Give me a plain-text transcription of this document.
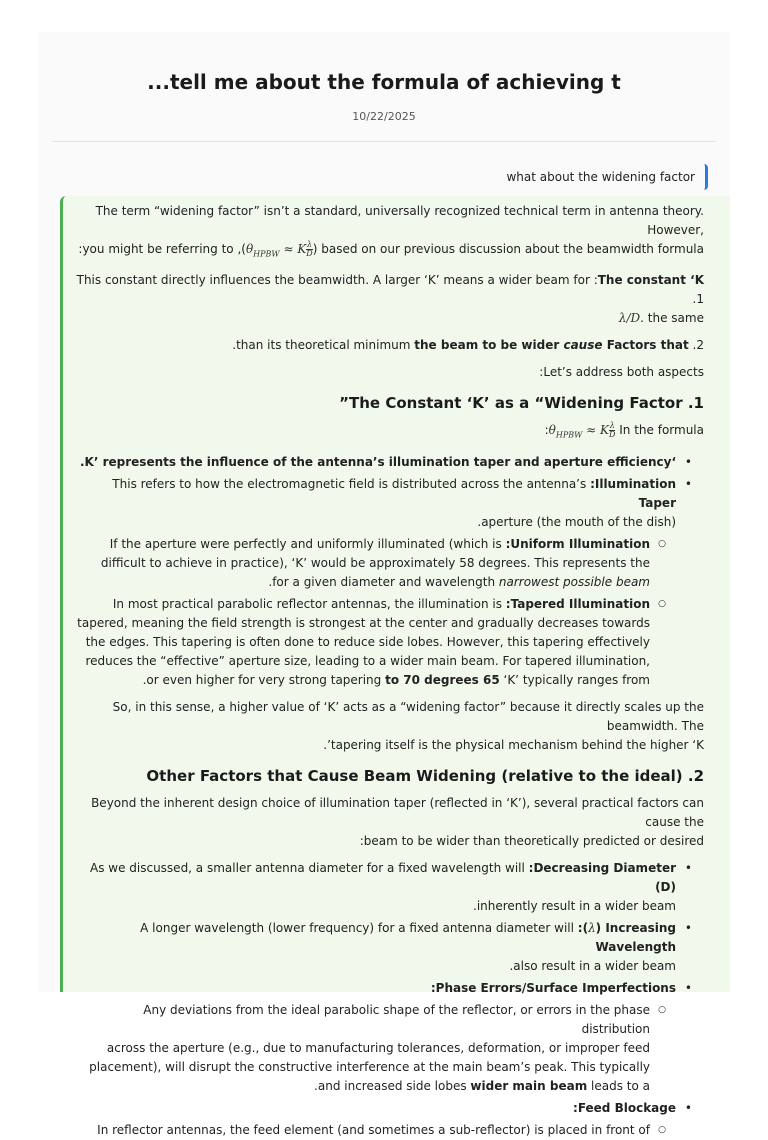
...tell me about the formula of achieving t
10/22/2025
what about the widening factor

The term “widening factor” isn’t a standard, universally recognized technical term in antenna theory. However,
:you might be referring to $,(\theta_{HPBW} \approx K \frac{\lambda}{D}$ ) based on our previous discussion about the beamwidth formula

This constant directly influences the beamwidth. A larger ‘K’ means a wider beam for :The constant ‘K .1
λ/D. the same

.than its theoretical minimum the beam to be wider cause Factors that .2

:Let’s address both aspects

”The Constant ‘K’ as a “Widening Factor .1

$:\theta_{HPBW} \approx K \frac{\lambda}{D}$ In the formula

.K’ represents the influence of the antenna’s illumination taper and aperture efficiency‘ •
This refers to how the electromagnetic field is distributed across the antenna’s :Illumination Taper
.aperture (the mouth of the dish)
•
If the aperture were perfectly and uniformly illuminated (which is :Uniform Illumination
difficult to achieve in practice), ‘K’ would be approximately 58 degrees. This represents the
.for a given diameter and wavelength narrowest possible beam
○
In most practical parabolic reflector antennas, the illumination is :Tapered Illumination
tapered, meaning the field strength is strongest at the center and gradually decreases towards
the edges. This tapering is often done to reduce side lobes. However, this tapering effectively
reduces the “effective” aperture size, leading to a wider main beam. For tapered illumination,
.or even higher for very strong tapering to 70 degrees 65 ‘K’ typically ranges from
○

So, in this sense, a higher value of ‘K’ acts as a “widening factor” because it directly scales up the beamwidth. The
.’tapering itself is the physical mechanism behind the higher ‘K

Other Factors that Cause Beam Widening (relative to the ideal) .2

Beyond the inherent design choice of illumination taper (reflected in ‘K’), several practical factors can cause the
:beam to be wider than theoretically predicted or desired

As we discussed, a smaller antenna diameter for a fixed wavelength will :Decreasing Diameter (D)
.inherently result in a wider beam
•
A longer wavelength (lower frequency) for a fixed antenna diameter will :(λ) Increasing Wavelength
.also result in a wider beam
•
:Phase Errors/Surface Imperfections •
Any deviations from the ideal parabolic shape of the reflector, or errors in the phase distribution
across the aperture (e.g., due to manufacturing tolerances, deformation, or improper feed
placement), will disrupt the constructive interference at the main beam’s peak. This typically
.and increased side lobes wider main beam leads to a
○
:Feed Blockage •
In reflector antennas, the feed element (and sometimes a sub-reflector) is placed in front of
○
